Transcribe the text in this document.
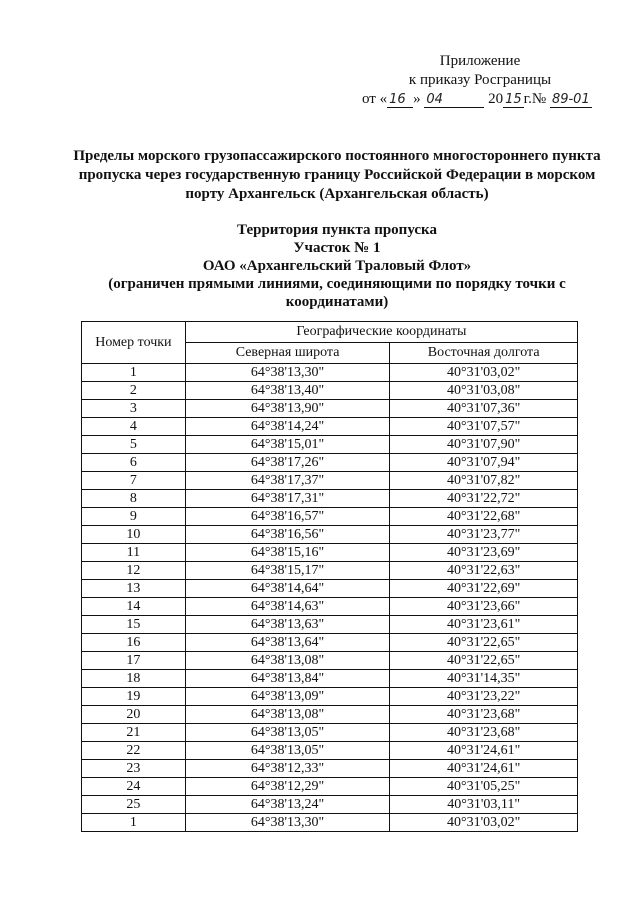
Приложение
к приказу Росграницы
от « 16 » 04	20 15 г.№ 89-01
Пределы морского грузопассажирского постоянного многостороннего пункта
пропуска через государственную границу Российской Федерации в морском
порту Архангельск (Архангельская область)
Территория пункта пропуска
Участок № 1
ОАО «Архангельский Траловый Флот»
(ограничен прямыми линиями, соединяющими по порядку точки с
координатами)
Номер точки	Географические координаты	
	Северная широта	Восточная долгота
1	64°38'13,30"	40°31'03,02"
2	64°38'13,40"	40°31'03,08"
3	64°38'13,90"	40°31'07,36"
4	64°38'14,24"	40°31'07,57"
5	64°38'15,01"	40°31'07,90"
6	64°38'17,26"	40°31'07,94"
7	64°38'17,37"	40°31'07,82"
8	64°38'17,31"	40°31'22,72"
9	64°38'16,57"	40°31'22,68"
10	64°38'16,56"	40°31'23,77"
11	64°38'15,16"	40°31'23,69"
12	64°38'15,17"	40°31'22,63"
13	64°38'14,64"	40°31'22,69"
14	64°38'14,63"	40°31'23,66"
15	64°38'13,63"	40°31'23,61"
16	64°38'13,64"	40°31'22,65"
17	64°38'13,08"	40°31'22,65"
18	64°38'13,84"	40°31'14,35"
19	64°38'13,09"	40°31'23,22"
20	64°38'13,08"	40°31'23,68"
21	64°38'13,05"	40°31'23,68"
22	64°38'13,05"	40°31'24,61"
23	64°38'12,33"	40°31'24,61"
24	64°38'12,29"	40°31'05,25"
25	64°38'13,24"	40°31'03,11"
1	64°38'13,30"	40°31'03,02"
